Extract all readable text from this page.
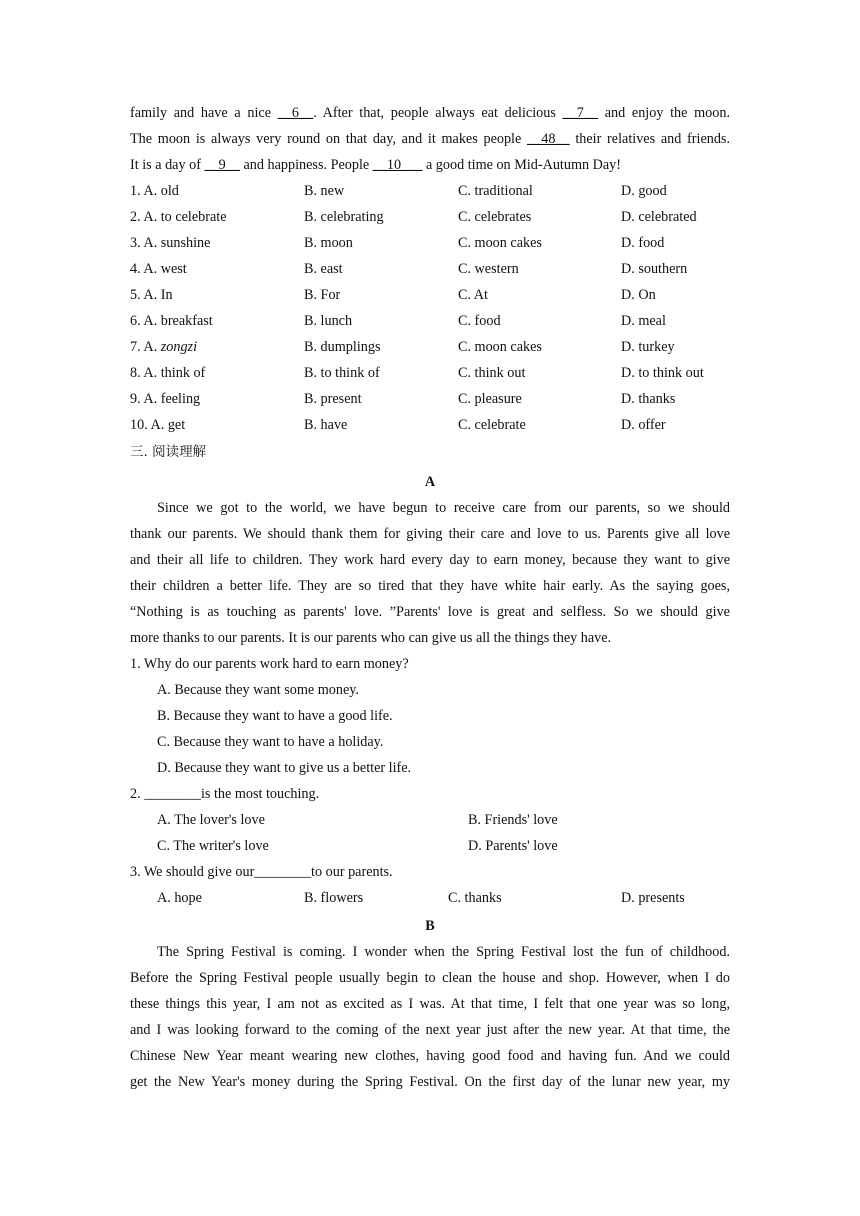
family and have a nice __6__. After that, people always eat delicious __7__ and enjoy the moon.
The moon is always very round on that day, and it makes people __48__ their relatives and friends.
It is a day of __9__ and happiness. People __10___ a good time on Mid-Autumn Day!
1. A. old	B. new	C. traditional	D. good
2. A. to celebrate	B. celebrating	C. celebrates	D. celebrated
3. A. sunshine	B. moon	C. moon cakes	D. food
4. A. west	B. east	C. western	D. southern
5. A. In	B. For	C. At	D. On
6. A. breakfast	B. lunch	C. food	D. meal
7. A. zongzi	B. dumplings	C. moon cakes	D. turkey
8. A. think of	B. to think of	C. think out	D. to think out
9. A. feeling	B. present	C. pleasure	D. thanks
10. A. get	B. have	C. celebrate	D. offer
三. 阅读理解
A
Since we got to the world, we have begun to receive care from our parents, so we should
thank our parents. We should thank them for giving their care and love to us. Parents give all love
and their all life to children. They work hard every day to earn money, because they want to give
their children a better life. They are so tired that they have white hair early. As the saying goes,
“Nothing is as touching as parents' love. ”Parents' love is great and selfless. So we should give
more thanks to our parents. It is our parents who can give us all the things they have.
1. Why do our parents work hard to earn money?
A. Because they want some money.
B. Because they want to have a good life.
C. Because they want to have a holiday.
D. Because they want to give us a better life.
2. ________is the most touching.
A. The lover's love	B. Friends' love
C. The writer's love	D. Parents' love
3. We should give our________to our parents.
A. hope	B. flowers	C. thanks	D. presents
B
The Spring Festival is coming. I wonder when the Spring Festival lost the fun of childhood.
Before the Spring Festival people usually begin to clean the house and shop. However, when I do
these things this year, I am not as excited as I was. At that time, I felt that one year was so long,
and I was looking forward to the coming of the next year just after the new year. At that time, the
Chinese New Year meant wearing new clothes, having good food and having fun. And we could
get the New Year's money during the Spring Festival. On the first day of the lunar new year, my
